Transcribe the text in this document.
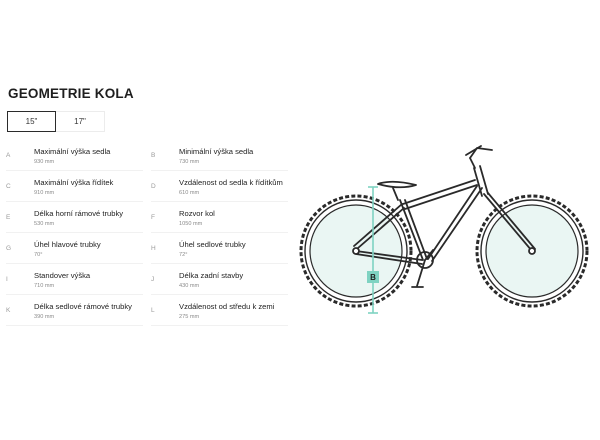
GEOMETRIE KOLA
15"	17"
A	Maximální výška sedla
930 mm
C	Maximální výška řídítek
910 mm
E	Délka horní rámové trubky
530 mm
G	Úhel hlavové trubky
70°
I	Standover výška
710 mm
K	Délka sedlové rámové trubky
390 mm
B	Minimální výška sedla
730 mm
D	Vzdálenost od sedla k řídítkům
610 mm
F	Rozvor kol
1050 mm
H	Úhel sedlové trubky
72°
J	Délka zadní stavby
430 mm
L	Vzdálenost od středu k zemi
275 mm
B
